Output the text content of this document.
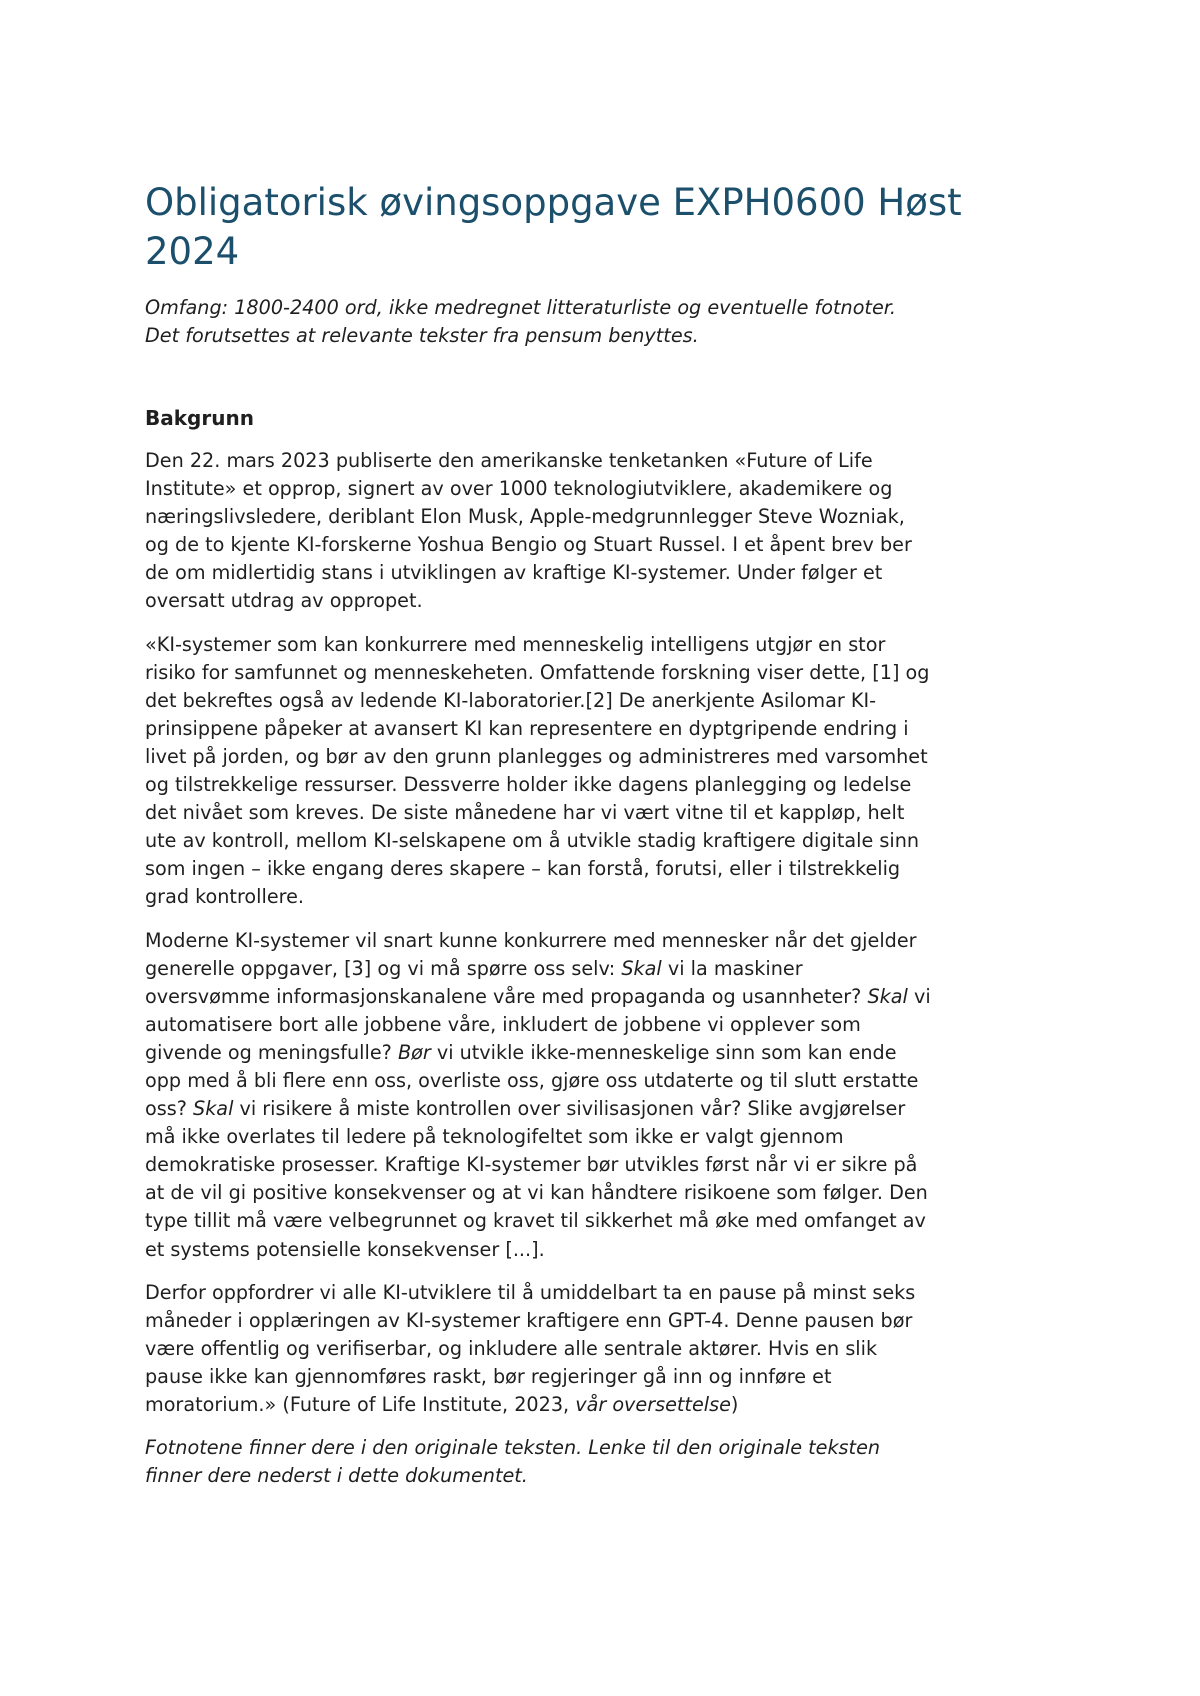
Obligatorisk øvingsoppgave EXPH0600 Høst
2024

Omfang: 1800-2400 ord, ikke medregnet litteraturliste og eventuelle fotnoter.
Det forutsettes at relevante tekster fra pensum benyttes.

Bakgrunn

Den 22. mars 2023 publiserte den amerikanske tenketanken «Future of Life
Institute» et opprop, signert av over 1000 teknologiutviklere, akademikere og
næringslivsledere, deriblant Elon Musk, Apple-medgrunnlegger Steve Wozniak,
og de to kjente KI-forskerne Yoshua Bengio og Stuart Russel. I et åpent brev ber
de om midlertidig stans i utviklingen av kraftige KI-systemer. Under følger et
oversatt utdrag av oppropet.

«KI-systemer som kan konkurrere med menneskelig intelligens utgjør en stor
risiko for samfunnet og menneskeheten. Omfattende forskning viser dette, [1] og
det bekreftes også av ledende KI-laboratorier.[2] De anerkjente Asilomar KI-
prinsippene påpeker at avansert KI kan representere en dyptgripende endring i
livet på jorden, og bør av den grunn planlegges og administreres med varsomhet
og tilstrekkelige ressurser. Dessverre holder ikke dagens planlegging og ledelse
det nivået som kreves. De siste månedene har vi vært vitne til et kappløp, helt
ute av kontroll, mellom KI-selskapene om å utvikle stadig kraftigere digitale sinn
som ingen – ikke engang deres skapere – kan forstå, forutsi, eller i tilstrekkelig
grad kontrollere.

Moderne KI-systemer vil snart kunne konkurrere med mennesker når det gjelder
generelle oppgaver, [3] og vi må spørre oss selv: Skal vi la maskiner
oversvømme informasjonskanalene våre med propaganda og usannheter? Skal vi
automatisere bort alle jobbene våre, inkludert de jobbene vi opplever som
givende og meningsfulle? Bør vi utvikle ikke-menneskelige sinn som kan ende
opp med å bli flere enn oss, overliste oss, gjøre oss utdaterte og til slutt erstatte
oss? Skal vi risikere å miste kontrollen over sivilisasjonen vår? Slike avgjørelser
må ikke overlates til ledere på teknologifeltet som ikke er valgt gjennom
demokratiske prosesser. Kraftige KI-systemer bør utvikles først når vi er sikre på
at de vil gi positive konsekvenser og at vi kan håndtere risikoene som følger. Den
type tillit må være velbegrunnet og kravet til sikkerhet må øke med omfanget av
et systems potensielle konsekvenser [...].

Derfor oppfordrer vi alle KI-utviklere til å umiddelbart ta en pause på minst seks
måneder i opplæringen av KI-systemer kraftigere enn GPT-4. Denne pausen bør
være offentlig og verifiserbar, og inkludere alle sentrale aktører. Hvis en slik
pause ikke kan gjennomføres raskt, bør regjeringer gå inn og innføre et
moratorium.» (Future of Life Institute, 2023, vår oversettelse)

Fotnotene finner dere i den originale teksten. Lenke til den originale teksten
finner dere nederst i dette dokumentet.
